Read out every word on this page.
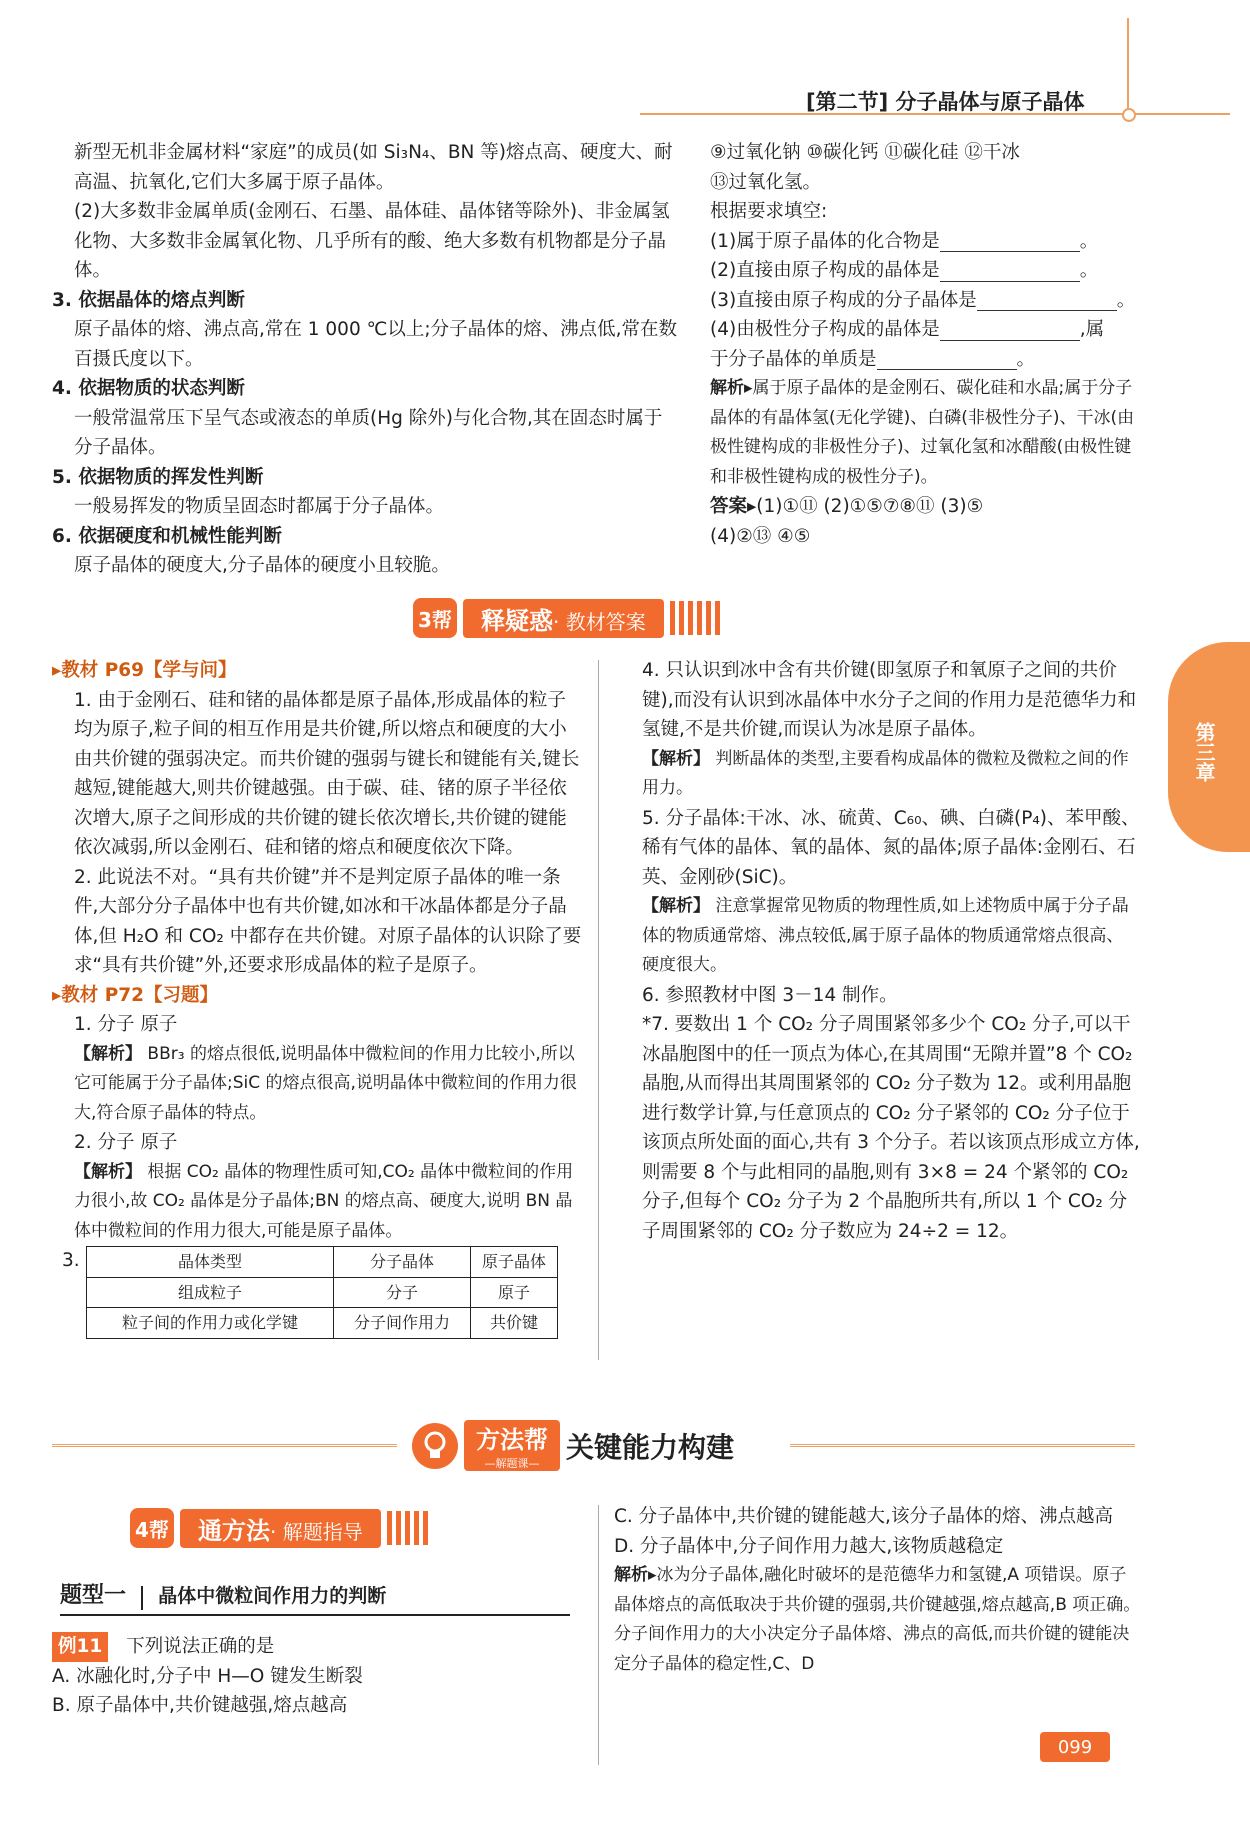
[第二节] 分子晶体与原子晶体
第三章

新型无机非金属材料“家庭”的成员(如 Si₃N₄、BN 等)熔点高、硬度大、耐高温、抗氧化,它们大多属于原子晶体。

(2)大多数非金属单质(金刚石、石墨、晶体硅、晶体锗等除外)、非金属氢化物、大多数非金属氧化物、几乎所有的酸、绝大多数有机物都是分子晶体。

3. 依据晶体的熔点判断

原子晶体的熔、沸点高,常在 1 000 ℃以上;分子晶体的熔、沸点低,常在数百摄氏度以下。

4. 依据物质的状态判断

一般常温常压下呈气态或液态的单质(Hg 除外)与化合物,其在固态时属于分子晶体。

5. 依据物质的挥发性判断

一般易挥发的物质呈固态时都属于分子晶体。

6. 依据硬度和机械性能判断

原子晶体的硬度大,分子晶体的硬度小且较脆。

⑨过氧化钠 ⑩碳化钙 ⑪碳化硅 ⑫干冰

⑬过氧化氢。

根据要求填空:

(1)属于原子晶体的化合物是	。

(2)直接由原子构成的晶体是	。

(3)直接由原子构成的分子晶体是	。

(4)由极性分子构成的晶体是	,属

于分子晶体的单质是	。

解析▸属于原子晶体的是金刚石、碳化硅和水晶;属于分子晶体的有晶体氢(无化学键)、白磷(非极性分子)、干冰(由极性键构成的非极性分子)、过氧化氢和冰醋酸(由极性键和非极性键构成的极性分子)。

答案▸(1)①⑪ (2)①⑤⑦⑧⑪ (3)⑤

(4)②⑬ ④⑤

3帮	释疑惑· 教材答案

▸教材 P69【学与问】

1. 由于金刚石、硅和锗的晶体都是原子晶体,形成晶体的粒子均为原子,粒子间的相互作用是共价键,所以熔点和硬度的大小由共价键的强弱决定。而共价键的强弱与键长和键能有关,键长越短,键能越大,则共价键越强。由于碳、硅、锗的原子半径依次增大,原子之间形成的共价键的键长依次增长,共价键的键能依次减弱,所以金刚石、硅和锗的熔点和硬度依次下降。

2. 此说法不对。“具有共价键”并不是判定原子晶体的唯一条件,大部分分子晶体中也有共价键,如冰和干冰晶体都是分子晶体,但 H₂O 和 CO₂ 中都存在共价键。对原子晶体的认识除了要求“具有共价键”外,还要求形成晶体的粒子是原子。

▸教材 P72【习题】

1. 分子 原子

【解析】 BBr₃ 的熔点很低,说明晶体中微粒间的作用力比较小,所以它可能属于分子晶体;SiC 的熔点很高,说明晶体中微粒间的作用力很大,符合原子晶体的特点。

2. 分子 原子

【解析】 根据 CO₂ 晶体的物理性质可知,CO₂ 晶体中微粒间的作用力很小,故 CO₂ 晶体是分子晶体;BN 的熔点高、硬度大,说明 BN 晶体中微粒间的作用力很大,可能是原子晶体。

3.	晶体类型	分子晶体	原子晶体
组成粒子	分子	原子
粒子间的作用力或化学键	分子间作用力	共价键

4. 只认识到冰中含有共价键(即氢原子和氧原子之间的共价键),而没有认识到冰晶体中水分子之间的作用力是范德华力和氢键,不是共价键,而误认为冰是原子晶体。

【解析】 判断晶体的类型,主要看构成晶体的微粒及微粒之间的作用力。

5. 分子晶体:干冰、冰、硫黄、C₆₀、碘、白磷(P₄)、苯甲酸、稀有气体的晶体、氧的晶体、氮的晶体;原子晶体:金刚石、石英、金刚砂(SiC)。

【解析】 注意掌握常见物质的物理性质,如上述物质中属于分子晶体的物质通常熔、沸点较低,属于原子晶体的物质通常熔点很高、硬度很大。

6. 参照教材中图 3－14 制作。

*7. 要数出 1 个 CO₂ 分子周围紧邻多少个 CO₂ 分子,可以干冰晶胞图中的任一顶点为体心,在其周围“无隙并置”8 个 CO₂ 晶胞,从而得出其周围紧邻的 CO₂ 分子数为 12。或利用晶胞进行数学计算,与任意顶点的 CO₂ 分子紧邻的 CO₂ 分子位于该顶点所处面的面心,共有 3 个分子。若以该顶点形成立方体,则需要 8 个与此相同的晶胞,则有 3×8 = 24 个紧邻的 CO₂ 分子,但每个 CO₂ 分子为 2 个晶胞所共有,所以 1 个 CO₂ 分子周围紧邻的 CO₂ 分子数应为 24÷2 = 12。

方法帮
—解题课— 关键能力构建
4帮	通方法· 解题指导
题型一 晶体中微粒间作用力的判断

例11 下列说法正确的是

A. 冰融化时,分子中 H—O 键发生断裂

B. 原子晶体中,共价键越强,熔点越高

C. 分子晶体中,共价键的键能越大,该分子晶体的熔、沸点越高

D. 分子晶体中,分子间作用力越大,该物质越稳定

解析▸冰为分子晶体,融化时破坏的是范德华力和氢键,A 项错误。原子晶体熔点的高低取决于共价键的强弱,共价键越强,熔点越高,B 项正确。分子间作用力的大小决定分子晶体熔、沸点的高低,而共价键的键能决定分子晶体的稳定性,C、D

099
